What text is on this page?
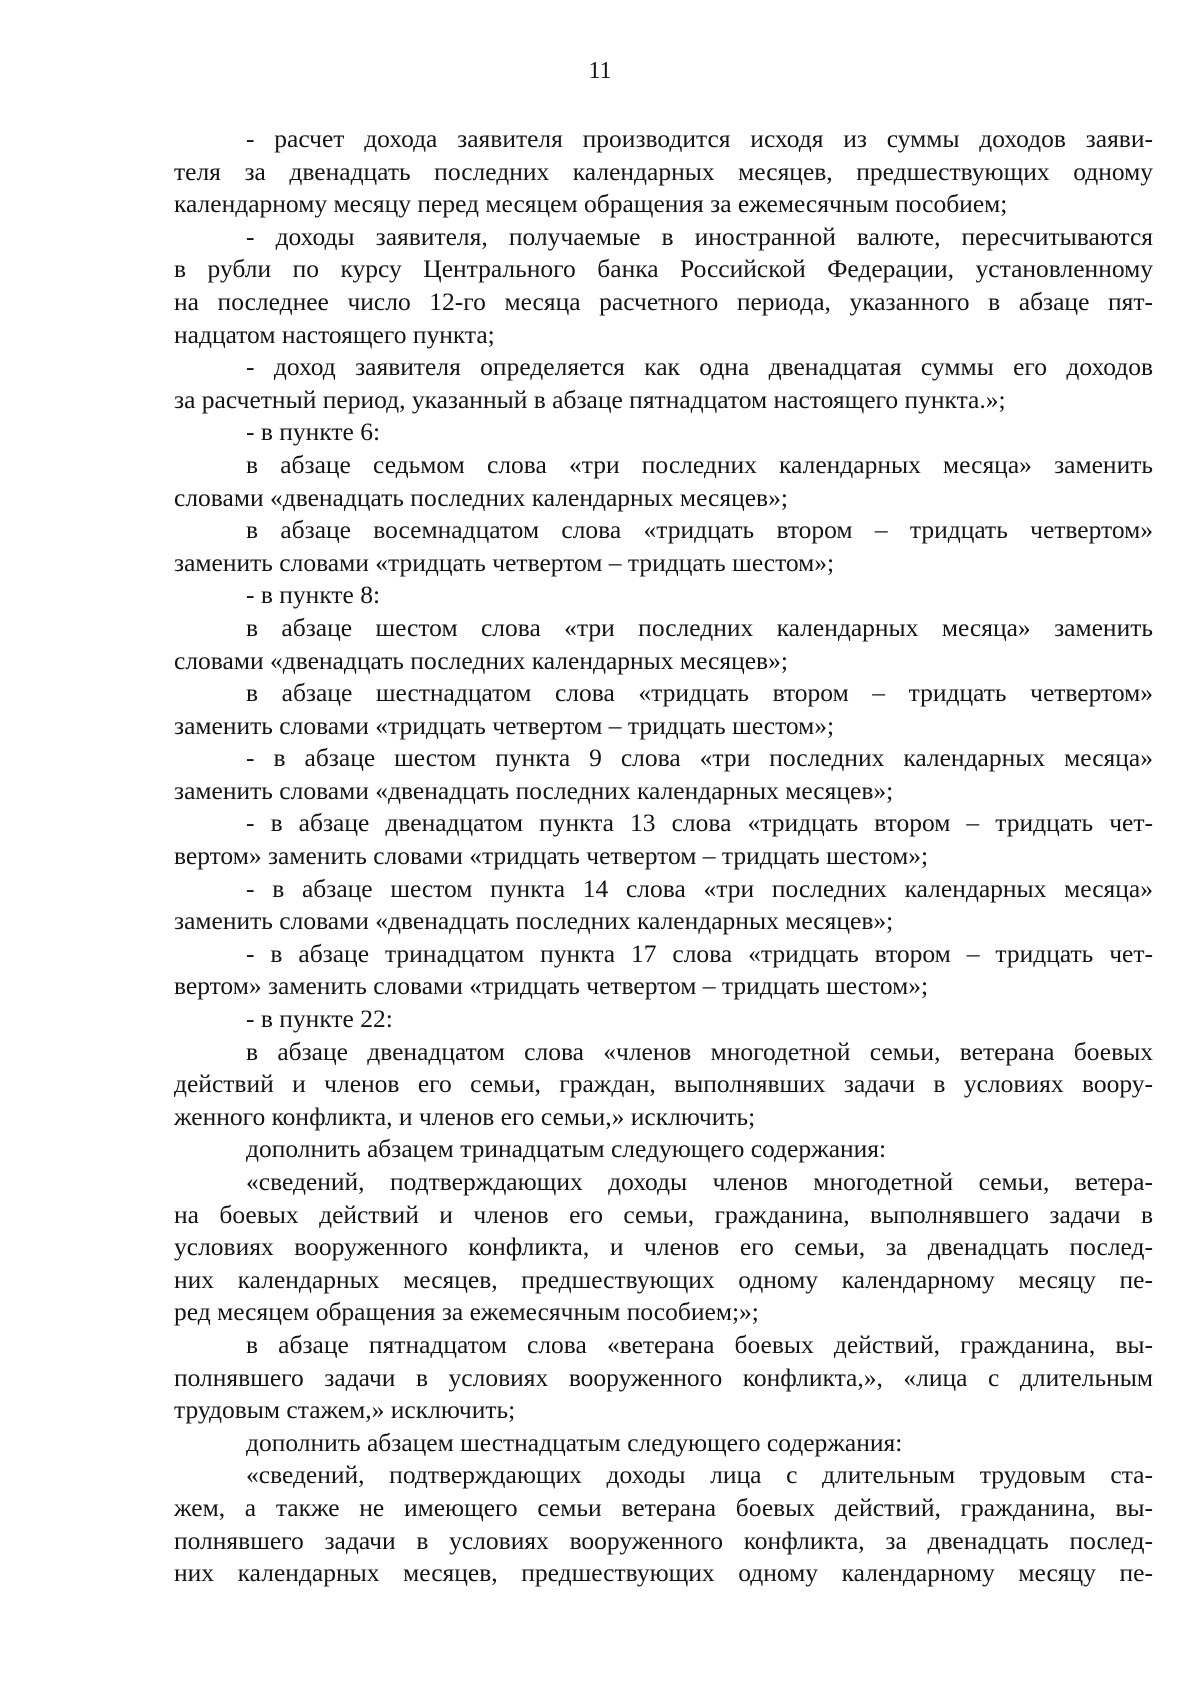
11

- расчет дохода заявителя производится исходя из суммы доходов заяви-
теля за двенадцать последних календарных месяцев, предшествующих одному
календарному месяцу перед месяцем обращения за ежемесячным пособием;

- доходы заявителя, получаемые в иностранной валюте, пересчитываются
в рубли по курсу Центрального банка Российской Федерации, установленному
на последнее число 12-го месяца расчетного периода, указанного в абзаце пят-
надцатом настоящего пункта;

- доход заявителя определяется как одна двенадцатая суммы его доходов
за расчетный период, указанный в абзаце пятнадцатом настоящего пункта.»;

- в пункте 6:

в абзаце седьмом слова «три последних календарных месяца» заменить
словами «двенадцать последних календарных месяцев»;

в абзаце восемнадцатом слова «тридцать втором – тридцать четвертом»
заменить словами «тридцать четвертом – тридцать шестом»;

- в пункте 8:

в абзаце шестом слова «три последних календарных месяца» заменить
словами «двенадцать последних календарных месяцев»;

в абзаце шестнадцатом слова «тридцать втором – тридцать четвертом»
заменить словами «тридцать четвертом – тридцать шестом»;

- в абзаце шестом пункта 9 слова «три последних календарных месяца»
заменить словами «двенадцать последних календарных месяцев»;

- в абзаце двенадцатом пункта 13 слова «тридцать втором – тридцать чет-
вертом» заменить словами «тридцать четвертом – тридцать шестом»;

- в абзаце шестом пункта 14 слова «три последних календарных месяца»
заменить словами «двенадцать последних календарных месяцев»;

- в абзаце тринадцатом пункта 17 слова «тридцать втором – тридцать чет-
вертом» заменить словами «тридцать четвертом – тридцать шестом»;

- в пункте 22:

в абзаце двенадцатом слова «членов многодетной семьи, ветерана боевых
действий и членов его семьи, граждан, выполнявших задачи в условиях воору-
женного конфликта, и членов его семьи,» исключить;

дополнить абзацем тринадцатым следующего содержания:

«сведений, подтверждающих доходы членов многодетной семьи, ветера-
на боевых действий и членов его семьи, гражданина, выполнявшего задачи в
условиях вооруженного конфликта, и членов его семьи, за двенадцать послед-
них календарных месяцев, предшествующих одному календарному месяцу пе-
ред месяцем обращения за ежемесячным пособием;»;

в абзаце пятнадцатом слова «ветерана боевых действий, гражданина, вы-
полнявшего задачи в условиях вооруженного конфликта,», «лица с длительным
трудовым стажем,» исключить;

дополнить абзацем шестнадцатым следующего содержания:

«сведений, подтверждающих доходы лица с длительным трудовым ста-
жем, а также не имеющего семьи ветерана боевых действий, гражданина, вы-
полнявшего задачи в условиях вооруженного конфликта, за двенадцать послед-
них календарных месяцев, предшествующих одному календарному месяцу пе-
